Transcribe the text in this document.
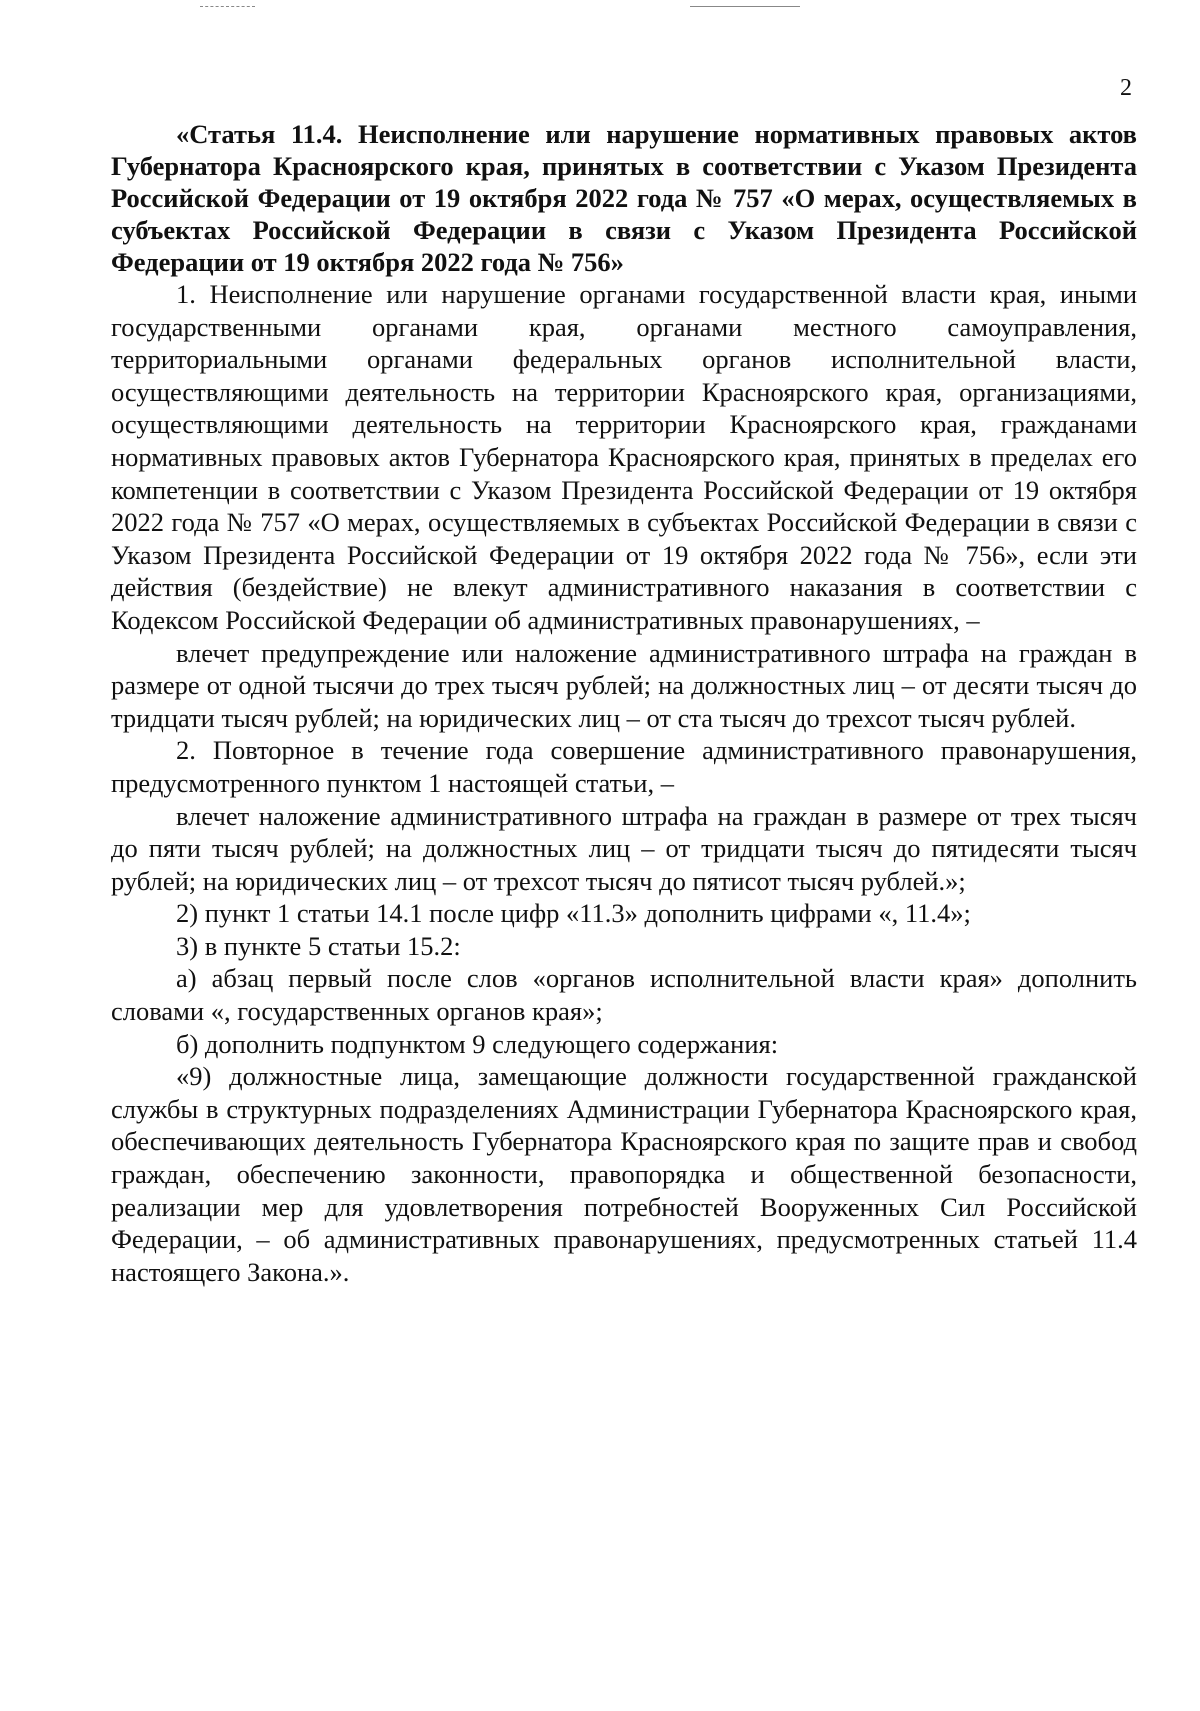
2

«Статья 11.4. Неисполнение или нарушение нормативных правовых актов Губернатора Красноярского края, принятых в соответствии с Указом Президента Российской Федерации от 19 октября 2022 года № 757 «О мерах, осуществляемых в субъектах Российской Федерации в связи с Указом Президента Российской Федерации от 19 октября 2022 года № 756»

1. Неисполнение или нарушение органами государственной власти края, иными государственными органами края, органами местного самоуправления, территориальными органами федеральных органов исполнительной власти, осуществляющими деятельность на территории Красноярского края, организациями, осуществляющими деятельность на территории Красноярского края, гражданами нормативных правовых актов Губернатора Красноярского края, принятых в пределах его компетенции в соответствии с Указом Президента Российской Федерации от 19 октября 2022 года № 757 «О мерах, осуществляемых в субъектах Российской Федерации в связи с Указом Президента Российской Федерации от 19 октября 2022 года № 756», если эти действия (бездействие) не влекут административного наказания в соответствии с Кодексом Российской Федерации об административных правонарушениях, –

влечет предупреждение или наложение административного штрафа на граждан в размере от одной тысячи до трех тысяч рублей; на должностных лиц – от десяти тысяч до тридцати тысяч рублей; на юридических лиц – от ста тысяч до трехсот тысяч рублей.

2. Повторное в течение года совершение административного правонарушения, предусмотренного пунктом 1 настоящей статьи, –

влечет наложение административного штрафа на граждан в размере от трех тысяч до пяти тысяч рублей; на должностных лиц – от тридцати тысяч до пятидесяти тысяч рублей; на юридических лиц – от трехсот тысяч до пятисот тысяч рублей.»;

2) пункт 1 статьи 14.1 после цифр «11.3» дополнить цифрами «, 11.4»;

3) в пункте 5 статьи 15.2:

а) абзац первый после слов «органов исполнительной власти края» дополнить словами «, государственных органов края»;

б) дополнить подпунктом 9 следующего содержания:

«9) должностные лица, замещающие должности государственной гражданской службы в структурных подразделениях Администрации Губернатора Красноярского края, обеспечивающих деятельность Губернатора Красноярского края по защите прав и свобод граждан, обеспечению законности, правопорядка и общественной безопасности, реализации мер для удовлетворения потребностей Вооруженных Сил Российской Федерации, – об административных правонарушениях, предусмотренных статьей 11.4 настоящего Закона.».
